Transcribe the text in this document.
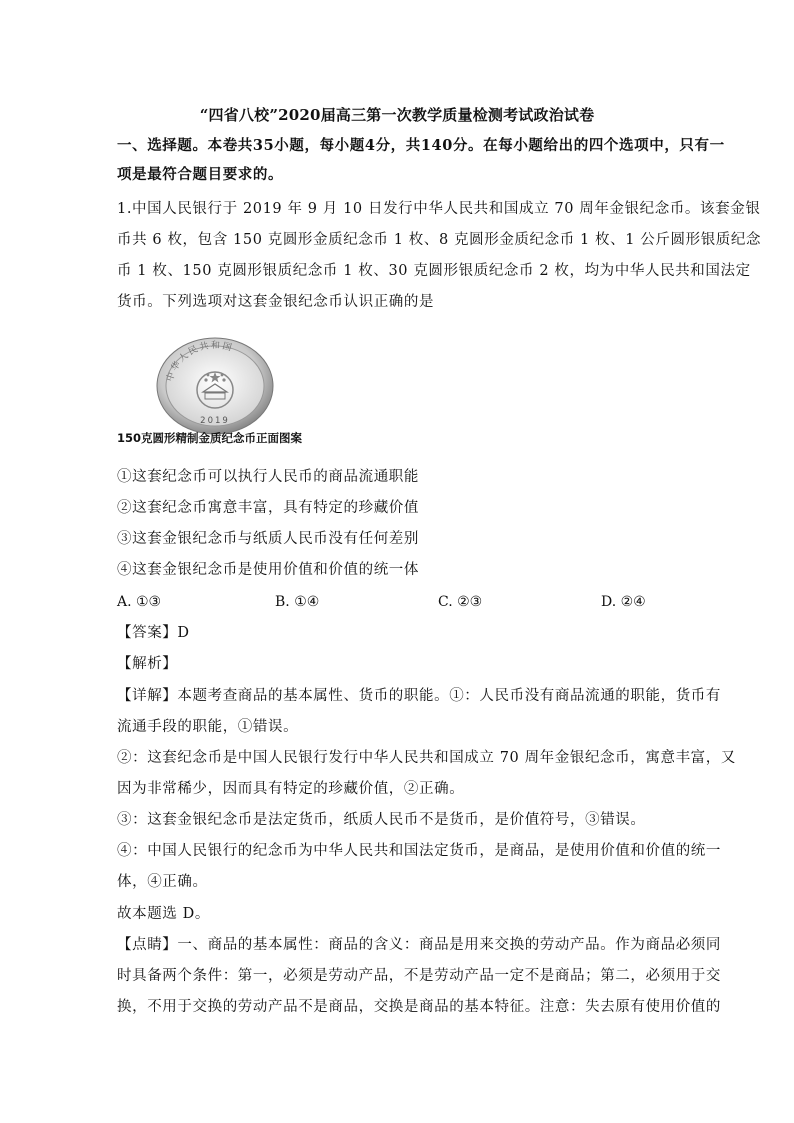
“四省八校”2020届高三第一次教学质量检测考试政治试卷
一、选择题。本卷共35小题，每小题4分，共140分。在每小题给出的四个选项中，只有一
项是最符合题目要求的。
1.中国人民银行于 2019 年 9 月 10 日发行中华人民共和国成立 70 周年金银纪念币。该套金银
币共 6 枚，包含 150 克圆形金质纪念币 1 枚、8 克圆形金质纪念币 1 枚、1 公斤圆形银质纪念
币 1 枚、150 克圆形银质纪念币 1 枚、30 克圆形银质纪念币 2 枚，均为中华人民共和国法定
货币。下列选项对这套金银纪念币认识正确的是
中华人民共和国
2019
150克圆形精制金质纪念币正面图案
①这套纪念币可以执行人民币的商品流通职能
②这套纪念币寓意丰富，具有特定的珍藏价值
③这套金银纪念币与纸质人民币没有任何差别
④这套金银纪念币是使用价值和价值的统一体
A. ①③	B. ①④	C. ②③	D. ②④
【答案】D
【解析】
【详解】本题考查商品的基本属性、货币的职能。①：人民币没有商品流通的职能，货币有
流通手段的职能，①错误。
②：这套纪念币是中国人民银行发行中华人民共和国成立 70 周年金银纪念币，寓意丰富，又
因为非常稀少，因而具有特定的珍藏价值，②正确。
③：这套金银纪念币是法定货币，纸质人民币不是货币，是价值符号，③错误。
④：中国人民银行的纪念币为中华人民共和国法定货币，是商品，是使用价值和价值的统一
体，④正确。
故本题选 D。
【点睛】一、商品的基本属性：商品的含义：商品是用来交换的劳动产品。作为商品必须同
时具备两个条件：第一，必须是劳动产品，不是劳动产品一定不是商品；第二，必须用于交
换，不用于交换的劳动产品不是商品，交换是商品的基本特征。注意：失去原有使用价值的
